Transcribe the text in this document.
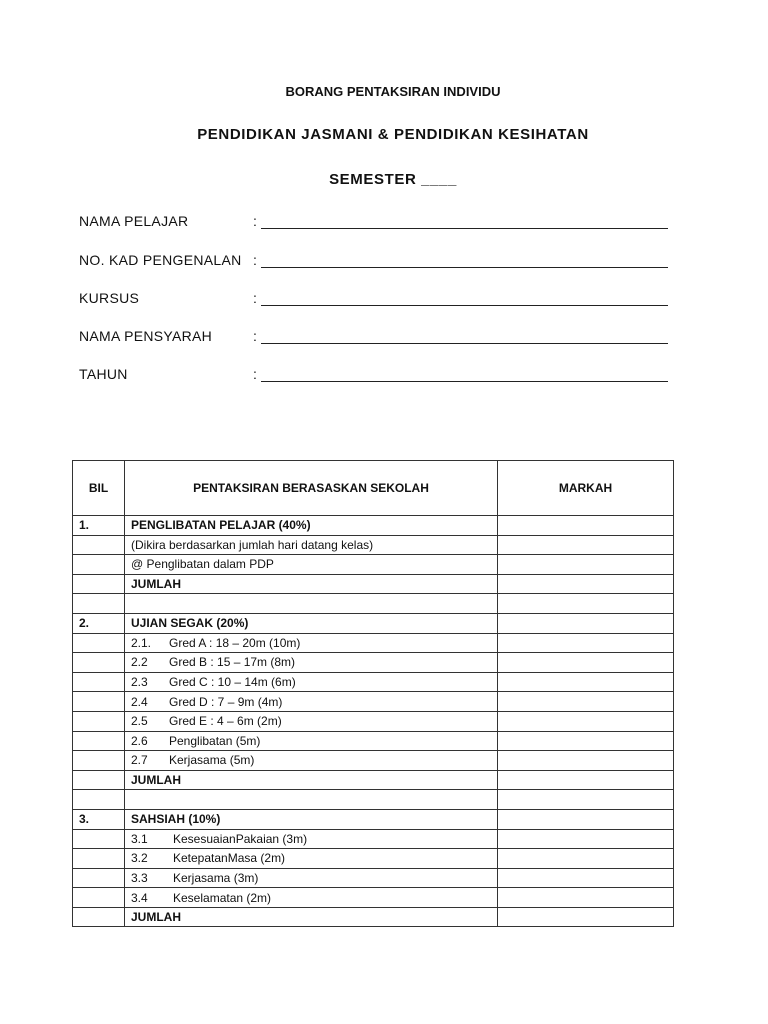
BORANG PENTAKSIRAN INDIVIDU
PENDIDIKAN JASMANI & PENDIDIKAN KESIHATAN
SEMESTER ____
NAMA PELAJAR	:
NO. KAD PENGENALAN :
KURSUS	:
NAMA PENSYARAH	:
TAHUN	:
BIL	PENTAKSIRAN BERASASKAN SEKOLAH	MARKAH
1.	PENGLIBATAN PELAJAR (40%)	
	(Dikira berdasarkan jumlah hari datang kelas)	
	@ Penglibatan dalam PDP	
	JUMLAH	

2.	UJIAN SEGAK (20%)	
	2.1. Gred A : 18 – 20m (10m)	
	2.2 Gred B : 15 – 17m (8m)	
	2.3 Gred C : 10 – 14m (6m)	
	2.4 Gred D : 7 – 9m (4m)	
	2.5 Gred E : 4 – 6m (2m)	
	2.6 Penglibatan (5m)	
	2.7 Kerjasama (5m)	
	JUMLAH	

3.	SAHSIAH (10%)	
	3.1 KesesuaianPakaian (3m)	
	3.2 KetepatanMasa (2m)	
	3.3 Kerjasama (3m)	
	3.4 Keselamatan (2m)	
	JUMLAH	
